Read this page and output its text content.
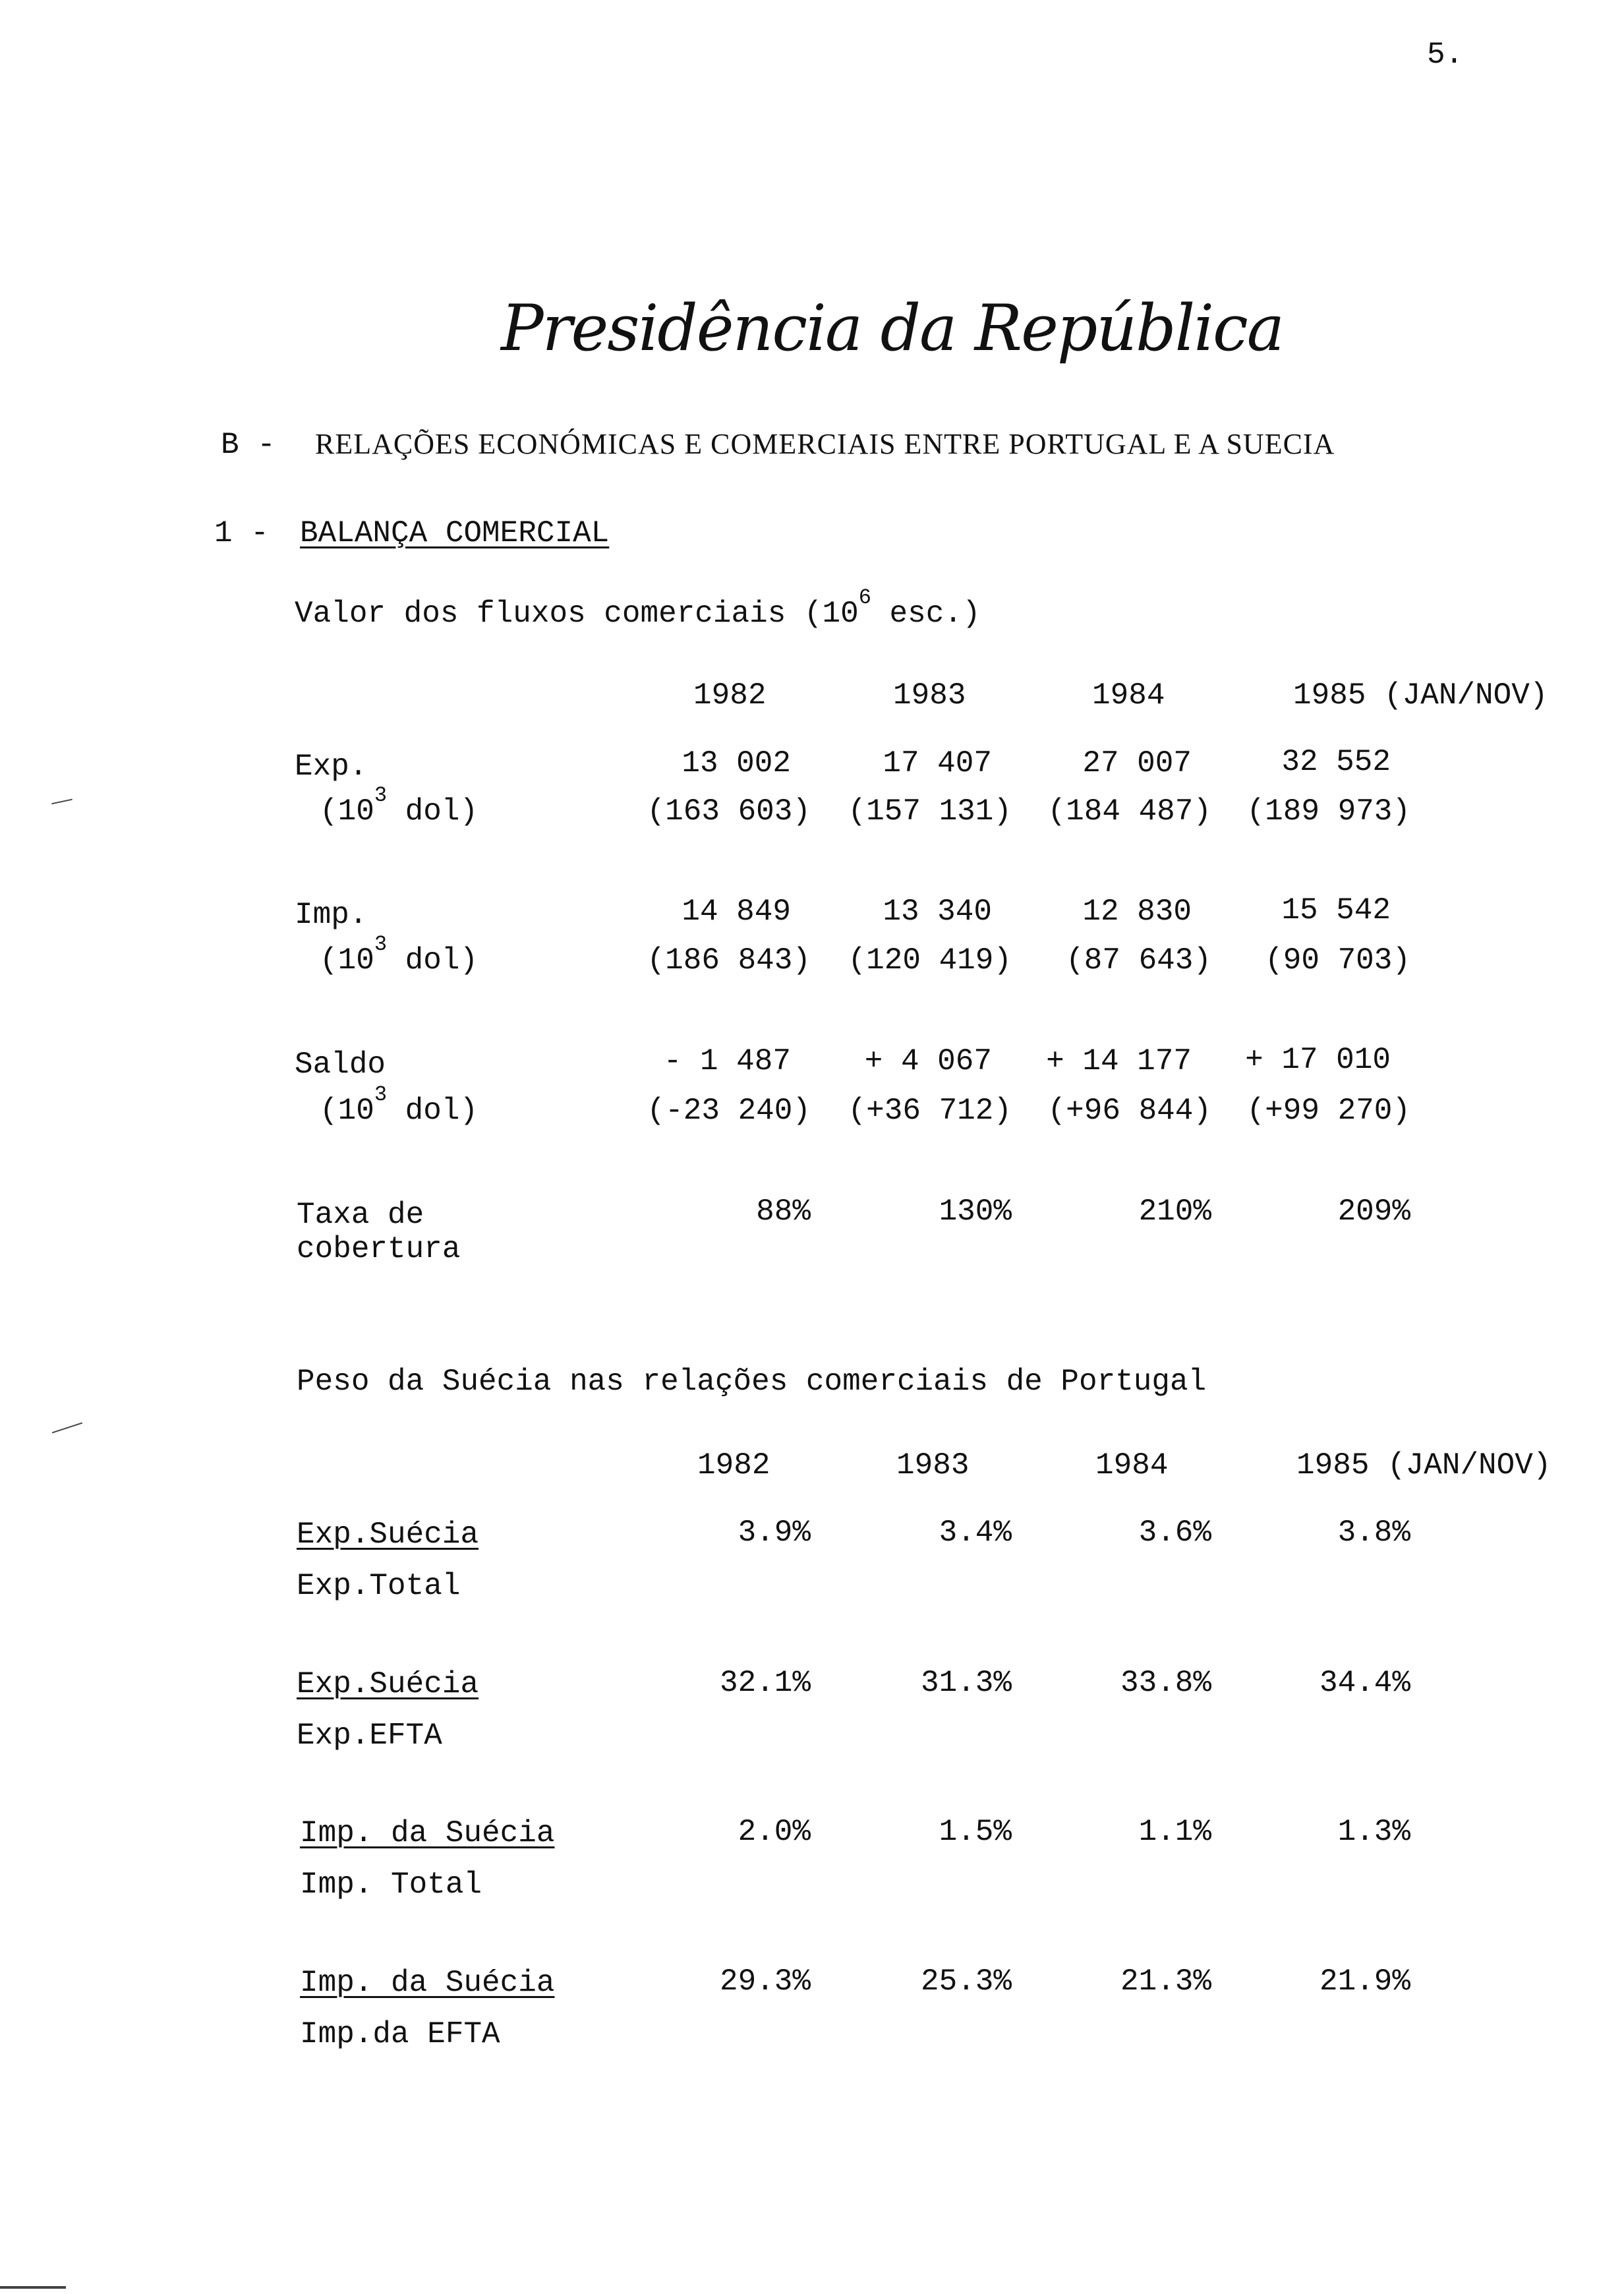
5.
Presidência da República
B - RELAÇÕES ECONÓMICAS E COMERCIAIS ENTRE PORTUGAL E A SUECIA
1 - BALANÇA COMERCIAL
Valor dos fluxos comerciais ($10^6$ esc.)
1982	1983	1984	1985 (JAN/NOV)
Exp.	13 002	17 407	27 007	32 552
($10^3$ dol)	(163 603)	(157 131)	(184 487)	(189 973)
Imp.	14 849	13 340	12 830	15 542
($10^3$ dol)	(186 843)	(120 419)	(87 643)	(90 703)
Saldo	- 1 487	+ 4 067	+ 14 177	+ 17 010
($10^3$ dol)	(-23 240)	(+36 712)	(+96 844)	(+99 270)
Taxa de
cobertura
88%	130%	210%	209%
Peso da Suécia nas relações comerciais de Portugal
1982	1983	1984	1985 (JAN/NOV)
Exp.Suécia
Exp.Total
3.9%	3.4%	3.6%	3.8%
Exp.Suécia
Exp.EFTA
32.1%	31.3%	33.8%	34.4%
Imp. da Suécia
Imp. Total
2.0%	1.5%	1.1%	1.3%
Imp. da Suécia
Imp.da EFTA
29.3%	25.3%	21.3%	21.9%
